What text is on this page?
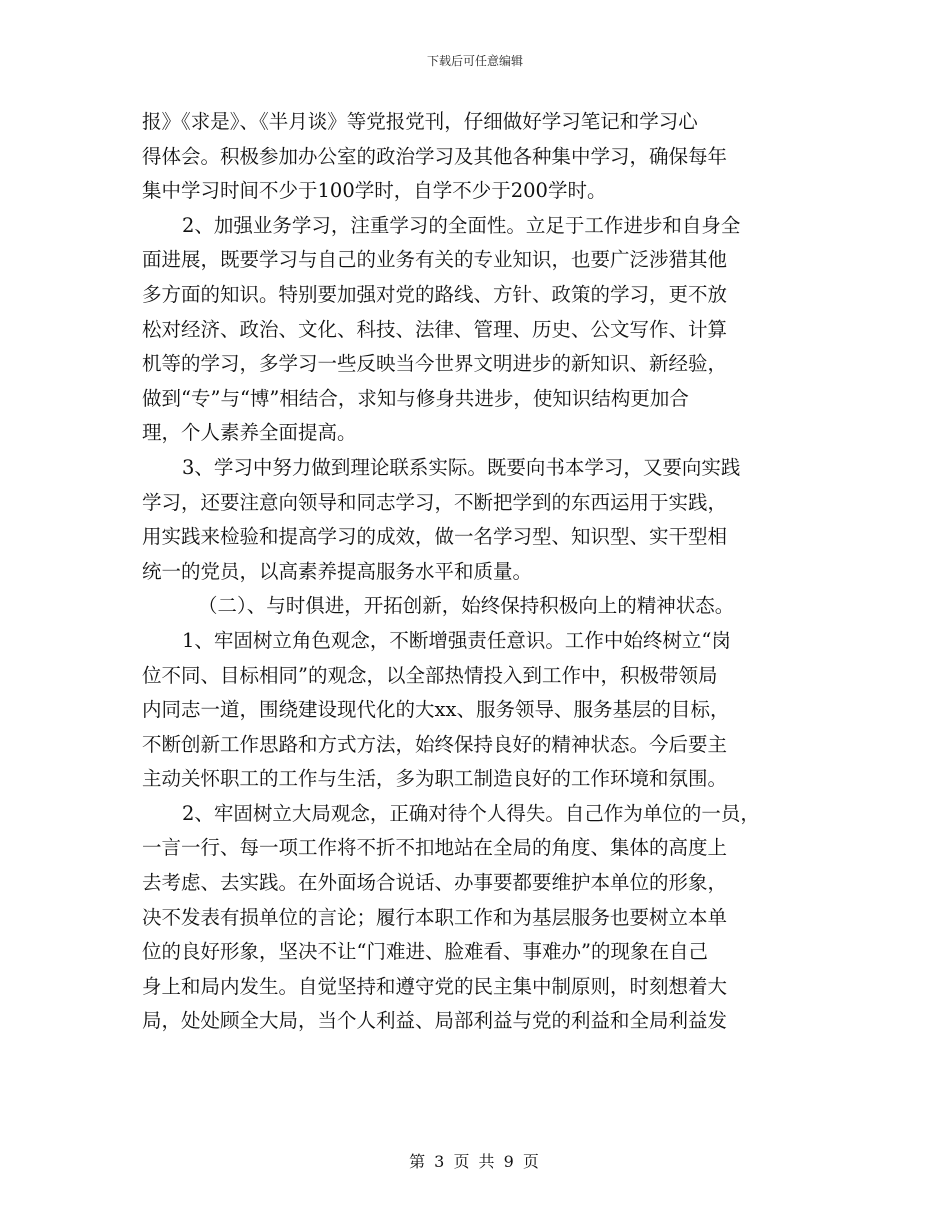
下载后可任意编辑
报》《求是》、《半月谈》等党报党刊，仔细做好学习笔记和学习心
得体会。积极参加办公室的政治学习及其他各种集中学习，确保每年
集中学习时间不少于100学时，自学不少于200学时。
2、加强业务学习，注重学习的全面性。立足于工作进步和自身全
面进展，既要学习与自己的业务有关的专业知识，也要广泛涉猎其他
多方面的知识。特别要加强对党的路线、方针、政策的学习，更不放
松对经济、政治、文化、科技、法律、管理、历史、公文写作、计算
机等的学习，多学习一些反映当今世界文明进步的新知识、新经验，
做到“专”与“博”相结合，求知与修身共进步，使知识结构更加合
理，个人素养全面提高。
3、学习中努力做到理论联系实际。既要向书本学习，又要向实践
学习，还要注意向领导和同志学习，不断把学到的东西运用于实践，
用实践来检验和提高学习的成效，做一名学习型、知识型、实干型相
统一的党员，以高素养提高服务水平和质量。
（二）、与时俱进，开拓创新，始终保持积极向上的精神状态。
1、牢固树立角色观念，不断增强责任意识。工作中始终树立“岗
位不同、目标相同”的观念，以全部热情投入到工作中，积极带领局
内同志一道，围绕建设现代化的大xx、服务领导、服务基层的目标，
不断创新工作思路和方式方法，始终保持良好的精神状态。今后要主
主动关怀职工的工作与生活，多为职工制造良好的工作环境和氛围。
2、牢固树立大局观念，正确对待个人得失。自己作为单位的一员，
一言一行、每一项工作将不折不扣地站在全局的角度、集体的高度上
去考虑、去实践。在外面场合说话、办事要都要维护本单位的形象，
决不发表有损单位的言论；履行本职工作和为基层服务也要树立本单
位的良好形象，坚决不让“门难进、脸难看、事难办”的现象在自己
身上和局内发生。自觉坚持和遵守党的民主集中制原则，时刻想着大
局，处处顾全大局，当个人利益、局部利益与党的利益和全局利益发
第 3 页 共 9 页
